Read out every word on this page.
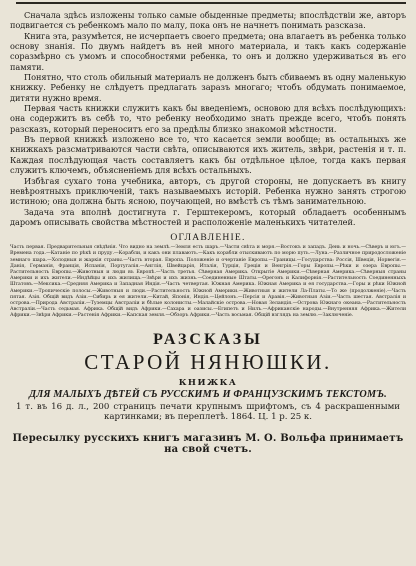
Сначала здѣсь изложены только самые обыденные предметы; впослѣдствіи же, авторъ подвигается съ ребенкомъ мало по малу, пока онъ не начнетъ понимать разсказа.

Книга эта, разумѣется, не исчерпаетъ своего предмета; она влагаетъ въ ребенка только основу знанія. По двумъ найдетъ въ ней много материала, и такъ какъ содержаніе соразмѣрно съ умомъ и способностями ребенка, то онъ и должно удерживаться въ его памяти.

Понятно, что столь обильный материалъ не долженъ быть сбиваемъ въ одну маленькую книжку. Ребенку не слѣдуетъ предлагать заразъ многаго; чтобъ обдумать понимаемое, дитяти нужно время.

Первая часть книжки служитъ какъ бы введеніемъ, основою для всѣхъ послѣдующихъ: она содержитъ въ себѣ то, что ребенку необходимо знать прежде всего, чтобъ понять разсказъ, который переноситъ его за предѣлы близко знакомой мѣстности.

Въ первой книжкѣ изложено все то, что касается земли вообще; въ остальныхъ же книжкахъ разсматриваются части свѣта, описываются ихъ житель, звѣри, растенія и т. п. Каждая послѣдующая часть составляетъ какъ бы отдѣльное цѣлое, тогда какъ первая служитъ ключемъ, объясненіемъ для всѣхъ остальныхъ.

Избѣгая сухаго тона учебника, авторъ, съ другой стороны, не допускаетъ въ книгу невѣроятныхъ приключеній, такъ называемыхъ исторій. Ребенка нужно занять строгою истиною; она должна быть ясною, поучающей, но вмѣстѣ съ тѣмъ занимательною.

Задача эта вполнѣ достигнута г. Герштекеромъ, который обладаетъ особеннымъ даромъ описывать свойства мѣстностей и расположеніе маленькихъ читателей.

ОГЛАВЛЕНІЕ.

Часть первая. Предварительныя свѣдѣнія. Что видно на землѣ.—Земля есть шаръ.—Части свѣта и моря.—Востокъ и западъ. День и ночь.—Сѣверъ и югъ.—Времена года.—Катаніе по рѣкѣ и пруду.—Корабли, и какъ они плаваютъ.—Какъ корабли отыскиваютъ по морю путь.—Луна.—Различное природосложеніе земнаго шара.—Холодныя и жаркія страны.—Часть вторая. Европа. Положеніе и очертаніе Европы.—Границы.—Государства: Россія, Швеція, Норвегія.—Данія, Германія, Франція, Испанія, Португалія.—Англія, Швейцарія, Италія, Турція, Греція и Венгрія.—Горы Европы.—Рѣки и озера Европы.—Растительность Европы.—Животныя и люди въ Европѣ.—Часть третья. Сѣверная Америка. Открытіе Америки.—Сѣверная Америка.—Сѣверныя страны Америки и ихъ жители.—Индѣйцы и ихъ жилища.—Звѣри и ихъ жизнь.—Соединенные Штаты.—Орегонъ и Калифорнія.—Растительность Соединенныхъ Штатовъ.—Мексика.—Средняя Америка и Западная Индія.—Часть четвертая. Южная Америка. Южная Америка и ея государства.—Горы и рѣки Южной Америки.—Тропическіе полосы.—Животныя и люди.—Растительность Южной Америки.—Животныя и жители Ла-Платы.—То же (продолженіе).—Часть пятая. Азія. Общій видъ Азіи.—Сибирь и ея жители.—Китай, Японія, Индія.—Цейлонъ.—Персія и Аравія.—Животныя Азіи.—Часть шестая. Австралія и острова.—Природа Австраліи.—Туземцы Австраліи и бѣлые колонисты.—Малайскіе острова.—Новая Зеландія.—Острова Южнаго океана.—Растительность Австраліи.—Часть седьмая. Африка. Общій видъ Африки.—Сахара и оазисы.—Египетъ и Нилъ.—Африканскіе народы.—Внутренняя Африка.—Жители Африки.—Звѣри Африки.—Растенія Африки.—Капская земля.—Обзоръ Африки.—Часть восьмая. Общій взглядъ на землю.—Заключеніе.

РАЗСКАЗЫ
СТАРОЙ НЯНЮШКИ.
КНИЖКА
ДЛЯ МАЛЫХЪ ДѢТЕЙ СЪ РУССКИМЪ И ФРАНЦУЗСКИМЪ ТЕКСТОМЪ.

1 т. въ 16 д. л., 200 страницъ печати крупнымъ шрифтомъ, съ 4 раскрашенными картинками; въ переплетѣ. 1864. Ц. 1 р. 25 к.

Пересылку русскихъ книгъ магазинъ М. О. Вольфа принимаетъ на свой счетъ.
